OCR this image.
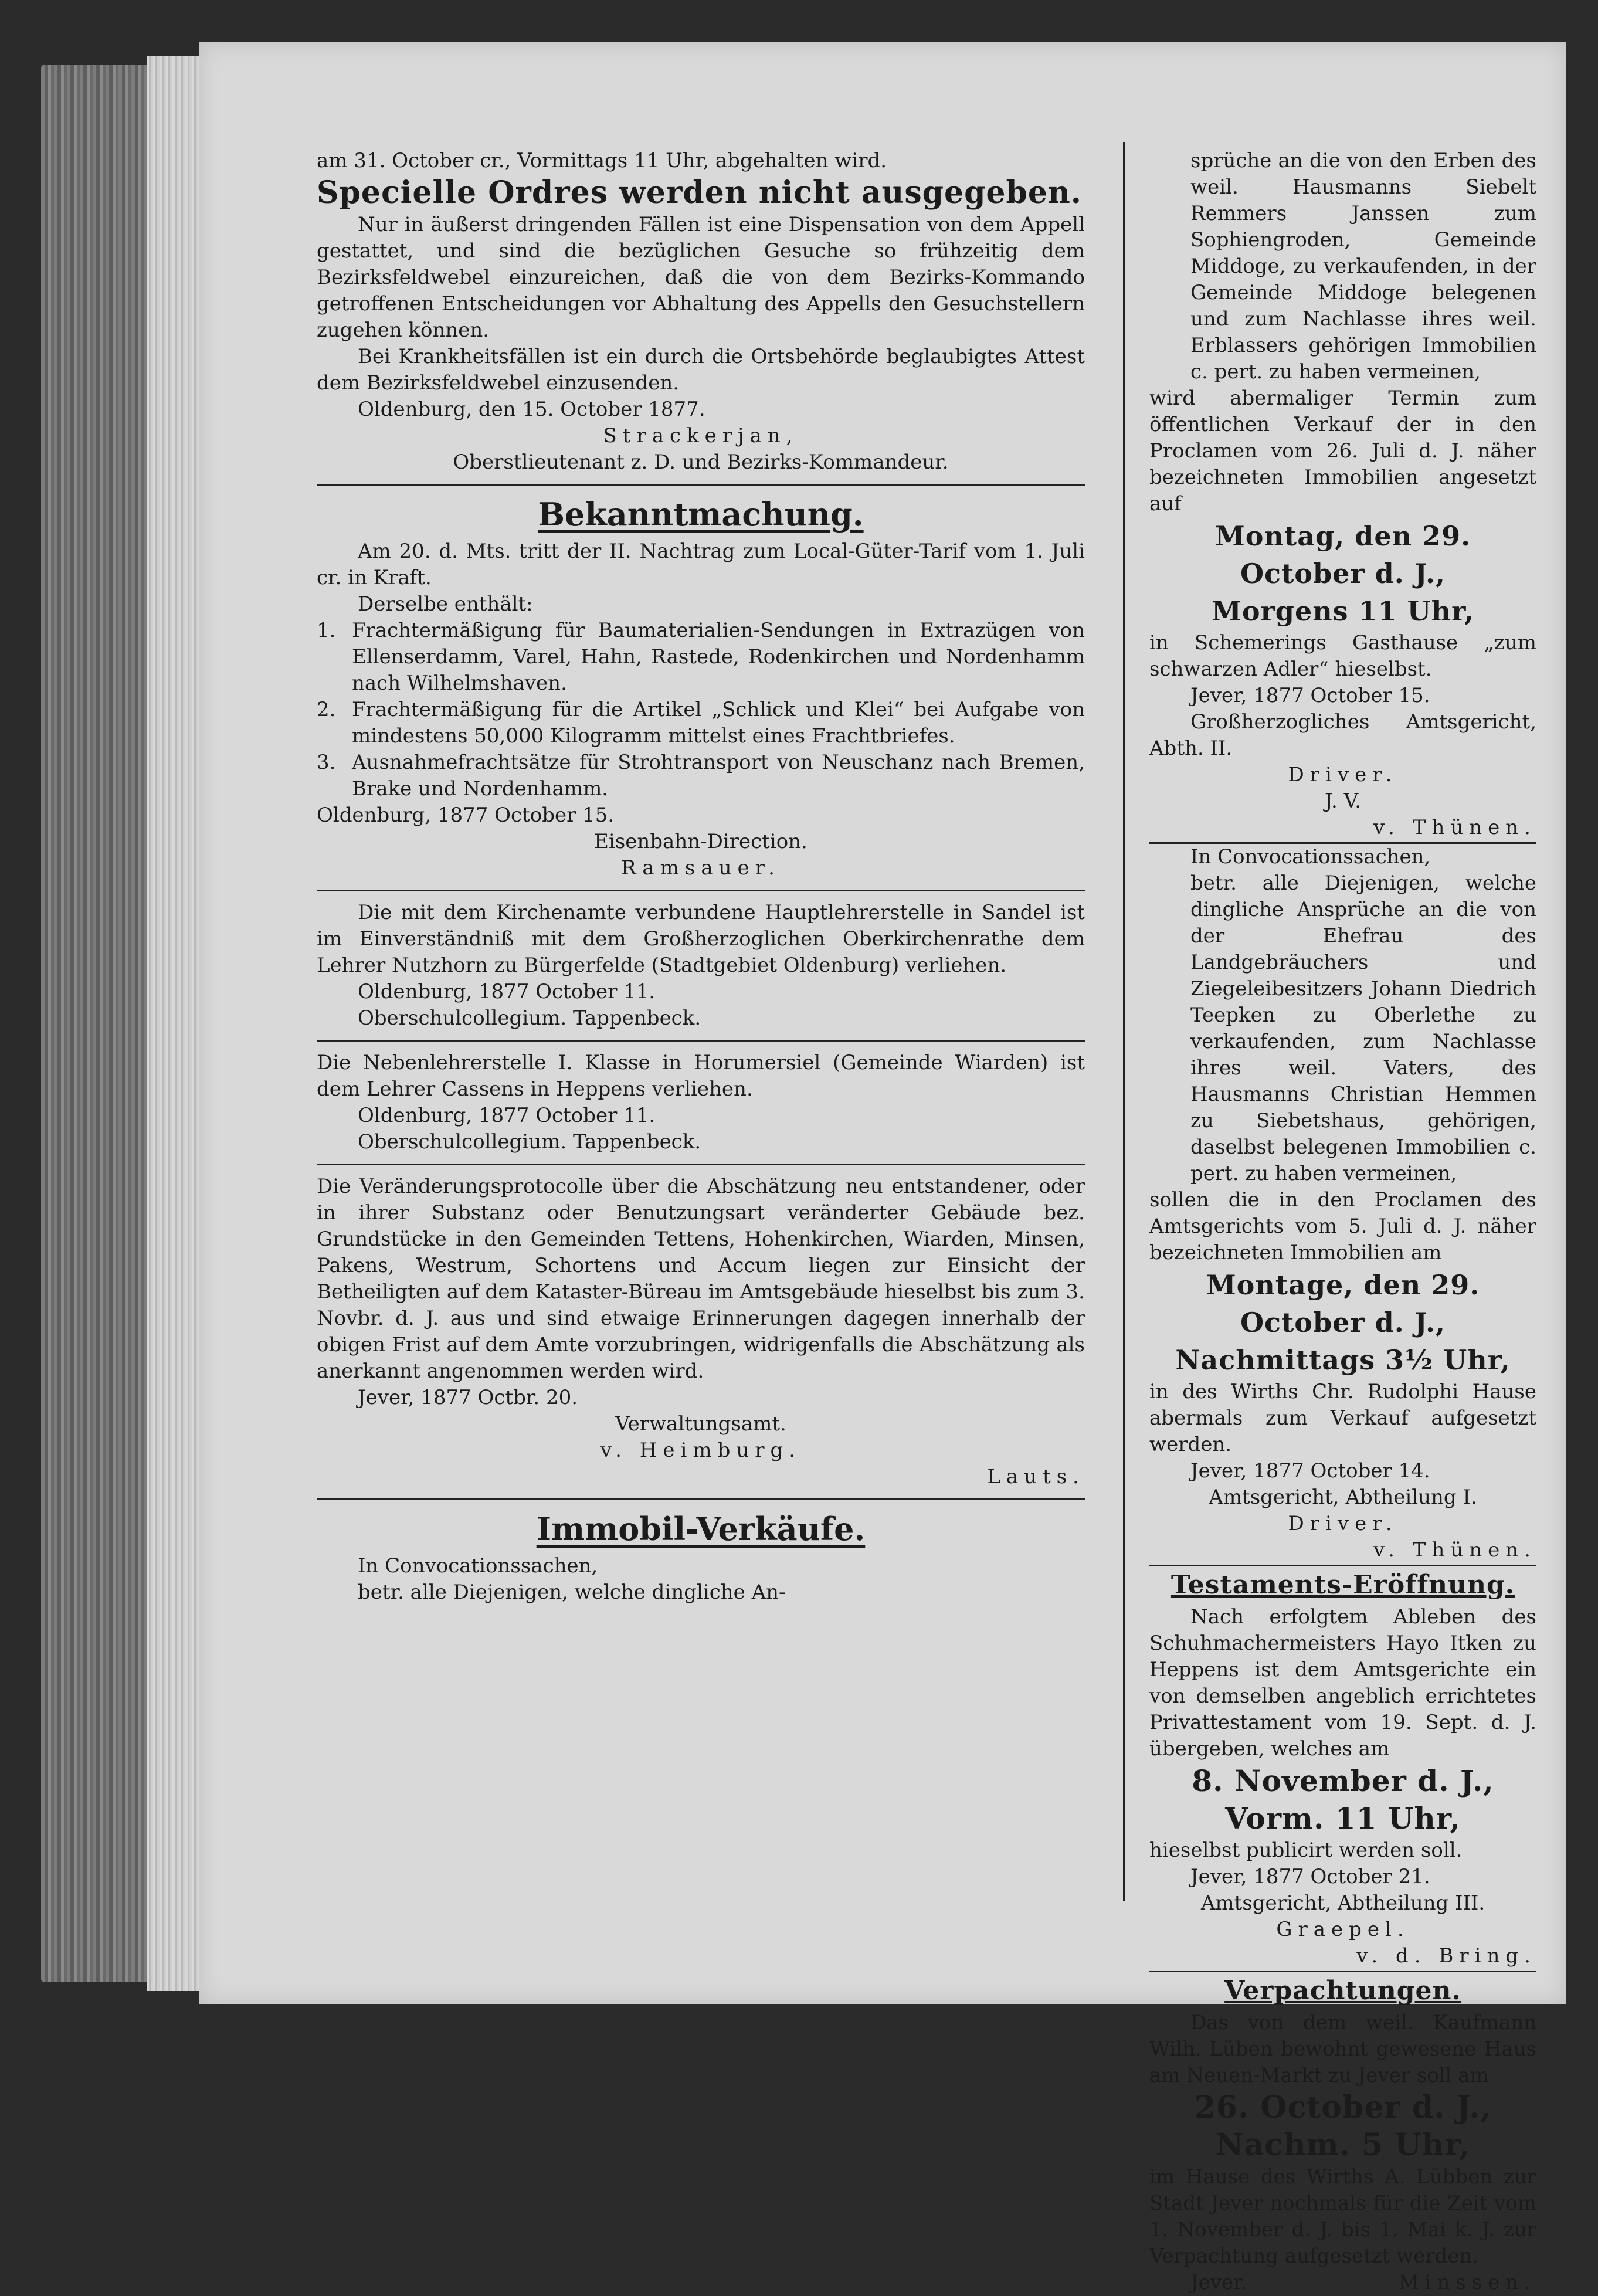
am 31. October cr., Vormittags 11 Uhr, abgehalten wird.

Specielle Ordres werden nicht ausgegeben.

Nur in äußerst dringenden Fällen ist eine Dispensation von dem Appell gestattet, und sind die bezüglichen Gesuche so frühzeitig dem Bezirksfeldwebel einzureichen, daß die von dem Bezirks-Kommando getroffenen Entscheidungen vor Abhaltung des Appells den Gesuchstellern zugehen können.

Bei Krankheitsfällen ist ein durch die Ortsbehörde beglaubigtes Attest dem Bezirksfeldwebel einzusenden.

Oldenburg, den 15. October 1877.

Strackerjan,

Oberstlieutenant z. D. und Bezirks-Kommandeur.

Bekanntmachung.

Am 20. d. Mts. tritt der II. Nachtrag zum Local-Güter-Tarif vom 1. Juli cr. in Kraft.

Derselbe enthält:

1. Frachtermäßigung für Baumaterialien-Sendungen in Extrazügen von Ellenserdamm, Varel, Hahn, Rastede, Rodenkirchen und Nordenhamm nach Wilhelmshaven.
2. Frachtermäßigung für die Artikel „Schlick und Klei“ bei Aufgabe von mindestens 50,000 Kilogramm mittelst eines Frachtbriefes.
3. Ausnahmefrachtsätze für Strohtransport von Neuschanz nach Bremen, Brake und Nordenhamm.

Oldenburg, 1877 October 15.

Eisenbahn-Direction.

Ramsauer.

Die mit dem Kirchenamte verbundene Hauptlehrerstelle in Sandel ist im Einverständniß mit dem Großherzoglichen Oberkirchenrathe dem Lehrer Nutzhorn zu Bürgerfelde (Stadtgebiet Oldenburg) verliehen.

Oldenburg, 1877 October 11.

Oberschulcollegium. Tappenbeck.

Die Nebenlehrerstelle I. Klasse in Horumersiel (Gemeinde Wiarden) ist dem Lehrer Cassens in Heppens verliehen.

Oldenburg, 1877 October 11.

Oberschulcollegium. Tappenbeck.

Die Veränderungsprotocolle über die Abschätzung neu entstandener, oder in ihrer Substanz oder Benutzungsart veränderter Gebäude bez. Grundstücke in den Gemeinden Tettens, Hohenkirchen, Wiarden, Minsen, Pakens, Westrum, Schortens und Accum liegen zur Einsicht der Betheiligten auf dem Kataster-Büreau im Amtsgebäude hieselbst bis zum 3. Novbr. d. J. aus und sind etwaige Erinnerungen dagegen innerhalb der obigen Frist auf dem Amte vorzubringen, widrigenfalls die Abschätzung als anerkannt angenommen werden wird.

Jever, 1877 Octbr. 20.

Verwaltungsamt.

v. Heimburg.

Lauts.

Immobil-Verkäufe.

In Convocationssachen,

betr. alle Diejenigen, welche dingliche An-

sprüche an die von den Erben des weil. Hausmanns Siebelt Remmers Janssen zum Sophiengroden, Gemeinde Middoge, zu verkaufenden, in der Gemeinde Middoge belegenen und zum Nachlasse ihres weil. Erblassers gehörigen Immobilien c. pert. zu haben vermeinen,

wird abermaliger Termin zum öffentlichen Verkauf der in den Proclamen vom 26. Juli d. J. näher bezeichneten Immobilien angesetzt auf

Montag, den 29. October d. J.,

Morgens 11 Uhr,

in Schemerings Gasthause „zum schwarzen Adler“ hieselbst.

Jever, 1877 October 15.

Großherzogliches Amtsgericht, Abth. II.

Driver.

J. V.

v. Thünen.

In Convocationssachen,

betr. alle Diejenigen, welche dingliche Ansprüche an die von der Ehefrau des Landgebräuchers und Ziegeleibesitzers Johann Diedrich Teepken zu Oberlethe zu verkaufenden, zum Nachlasse ihres weil. Vaters, des Hausmanns Christian Hemmen zu Siebetshaus, gehörigen, daselbst belegenen Immobilien c. pert. zu haben vermeinen,

sollen die in den Proclamen des Amtsgerichts vom 5. Juli d. J. näher bezeichneten Immobilien am

Montage, den 29. October d. J.,

Nachmittags 3½ Uhr,

in des Wirths Chr. Rudolphi Hause abermals zum Verkauf aufgesetzt werden.

Jever, 1877 October 14.

Amtsgericht, Abtheilung I.

Driver.

v. Thünen.

Testaments-Eröffnung.

Nach erfolgtem Ableben des Schuhmachermeisters Hayo Itken zu Heppens ist dem Amtsgerichte ein von demselben angeblich errichtetes Privattestament vom 19. Sept. d. J. übergeben, welches am

8. November d. J.,

Vorm. 11 Uhr,

hieselbst publicirt werden soll.

Jever, 1877 October 21.

Amtsgericht, Abtheilung III.

Graepel.

v. d. Bring.

Verpachtungen.

Das von dem weil. Kaufmann Wilh. Lüben bewohnt gewesene Haus am Neuen-Markt zu Jever soll am

26. October d. J.,

Nachm. 5 Uhr,

im Hause des Wirths A. Lübben zur Stadt Jever nochmals für die Zeit vom 1. November d. J. bis 1. Mai k. J. zur Verpachtung aufgesetzt werden.

Jever.	Minssen.
